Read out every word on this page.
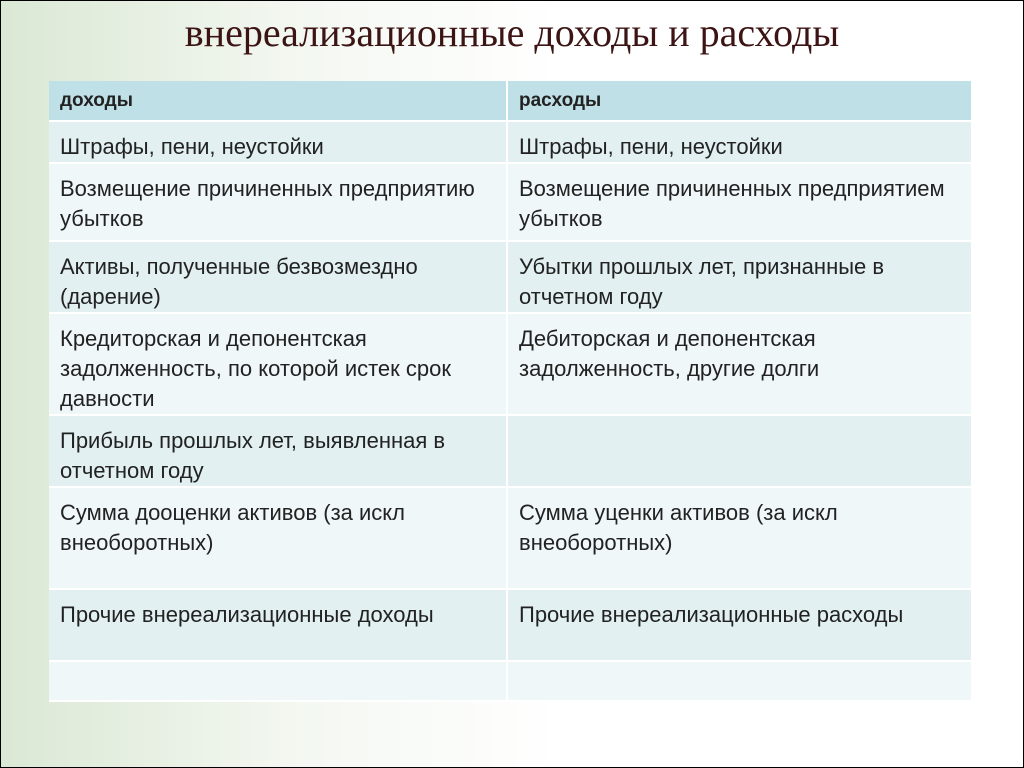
внереализационные доходы и расходы
доходы	расходы
Штрафы, пени, неустойки	Штрафы, пени, неустойки
Возмещение причиненных предприятию убытков	Возмещение причиненных предприятием убытков
Активы, полученные безвозмездно (дарение)	Убытки прошлых лет, признанные в отчетном году
Кредиторская и депонентская задолженность, по которой истек срок давности	Дебиторская и депонентская задолженность, другие долги
Прибыль прошлых лет, выявленная в отчетном году	
Сумма дооценки активов (за искл внеоборотных)	Сумма уценки активов (за искл внеоборотных)
Прочие внереализационные доходы	Прочие внереализационные расходы
